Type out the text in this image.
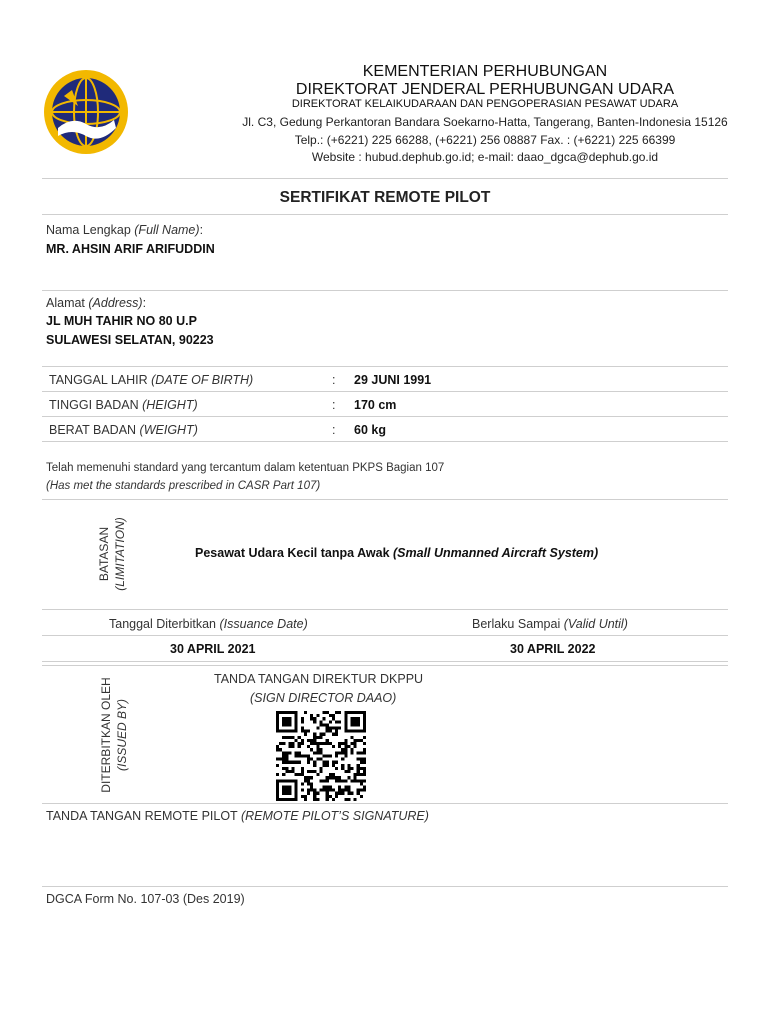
KEMENTERIAN PERHUBUNGAN
DIREKTORAT JENDERAL PERHUBUNGAN UDARA
DIREKTORAT KELAIKUDARAAN DAN PENGOPERASIAN PESAWAT UDARA
Jl. C3, Gedung Perkantoran Bandara Soekarno-Hatta, Tangerang, Banten-Indonesia 15126
Telp.: (+6221) 225 66288, (+6221) 256 08887 Fax. : (+6221) 225 66399
Website : hubud.dephub.go.id; e-mail: daao_dgca@dephub.go.id
SERTIFIKAT REMOTE PILOT
Nama Lengkap (Full Name):
MR. AHSIN ARIF ARIFUDDIN
Alamat (Address):
JL MUH TAHIR NO 80 U.P
SULAWESI SELATAN, 90223
TANGGAL LAHIR (DATE OF BIRTH)	: 29 JUNI 1991
TINGGI BADAN (HEIGHT)	: 170 cm
BERAT BADAN (WEIGHT)	: 60 kg
Telah memenuhi standard yang tercantum dalam ketentuan PKPS Bagian 107
(Has met the standards prescribed in CASR Part 107)
BATASAN (LIMITATION)	Pesawat Udara Kecil tanpa Awak (Small Unmanned Aircraft System)
Tanggal Diterbitkan (Issuance Date)	Berlaku Sampai (Valid Until)
30 APRIL 2021	30 APRIL 2022
DITERBITKAN OLEH (ISSUED BY)
TANDA TANGAN DIREKTUR DKPPU
(SIGN DIRECTOR DAAO)
TANDA TANGAN REMOTE PILOT (REMOTE PILOT’S SIGNATURE)
DGCA Form No. 107-03 (Des 2019)
